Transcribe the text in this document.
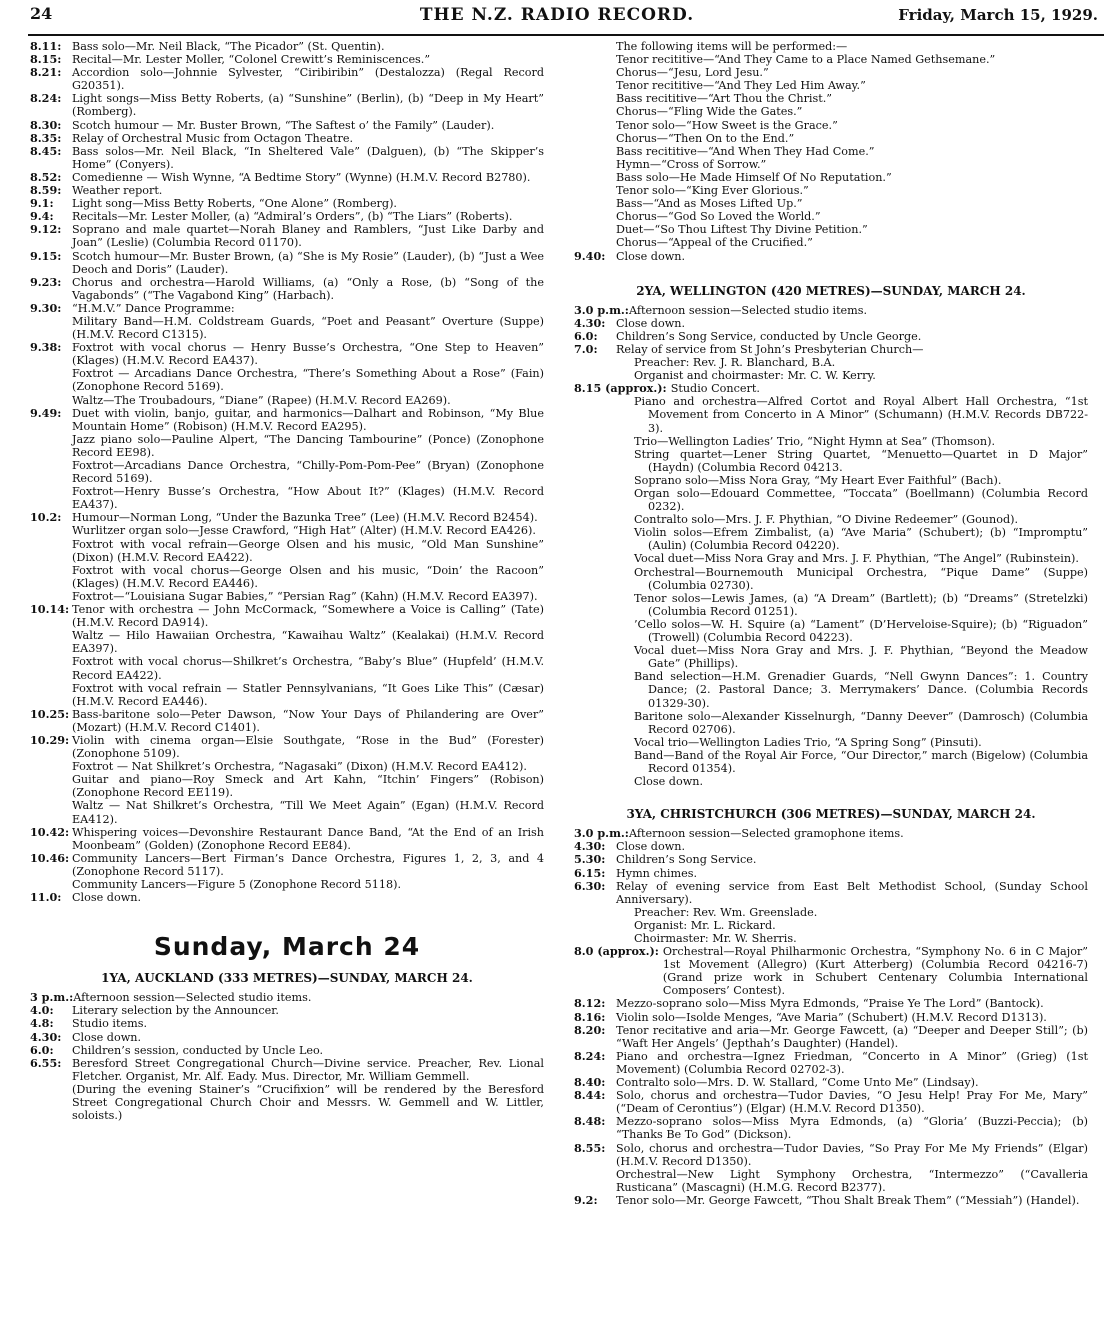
24	THE N.Z. RADIO RECORD.	Friday, March 15, 1929.
8.11: Bass solo—Mr. Neil Black, “The Picador” (St. Quentin).
8.15: Recital—Mr. Lester Moller, “Colonel Crewitt’s Reminiscences.”
8.21: Accordion solo—Johnnie Sylvester, “Ciribiribin” (Destalozza) (Regal Record G20351).
8.24: Light songs—Miss Betty Roberts, (a) “Sunshine” (Berlin), (b) “Deep in My Heart” (Romberg).
8.30: Scotch humour — Mr. Buster Brown, “The Saftest o’ the Family” (Lauder).
8.35: Relay of Orchestral Music from Octagon Theatre.
8.45: Bass solos—Mr. Neil Black, “In Sheltered Vale” (Dalguen), (b) “The Skipper’s Home” (Conyers).
8.52: Comedienne — Wish Wynne, “A Bedtime Story” (Wynne) (H.M.V. Record B2780).
8.59: Weather report.
9.1:	Light song—Miss Betty Roberts, “One Alone” (Romberg).
9.4:	Recitals—Mr. Lester Moller, (a) “Admiral’s Orders”, (b) “The Liars” (Roberts).
9.12: Soprano and male quartet—Norah Blaney and Ramblers, “Just Like Darby and Joan” (Leslie) (Columbia Record 01170).
9.15: Scotch humour—Mr. Buster Brown, (a) “She is My Rosie” (Lauder), (b) “Just a Wee Deoch and Doris” (Lauder).
9.23: Chorus and orchestra—Harold Williams, (a) “Only a Rose, (b) “Song of the Vagabonds” (“The Vagabond King” (Harbach).
9.30: “H.M.V.” Dance Programme:
Military Band—H.M. Coldstream Guards, “Poet and Peasant” Overture (Suppe) (H.M.V. Record C1315).
9.38: Foxtrot with vocal chorus — Henry Busse’s Orchestra, “One Step to Heaven” (Klages) (H.M.V. Record EA437).
Foxtrot — Arcadians Dance Orchestra, “There’s Something About a Rose” (Fain) (Zonophone Record 5169).
Waltz—The Troubadours, “Diane” (Rapee) (H.M.V. Record EA269).
9.49: Duet with violin, banjo, guitar, and harmonics—Dalhart and Robinson, “My Blue Mountain Home” (Robison) (H.M.V. Record EA295).
Jazz piano solo—Pauline Alpert, “The Dancing Tambourine” (Ponce) (Zonophone Record EE98).
Foxtrot—Arcadians Dance Orchestra, “Chilly-Pom-Pom-Pee” (Bryan) (Zonophone Record 5169).
Foxtrot—Henry Busse’s Orchestra, “How About It?” (Klages) (H.M.V. Record EA437).
10.2: Humour—Norman Long, “Under the Bazunka Tree” (Lee) (H.M.V. Record B2454).
Wurlitzer organ solo—Jesse Crawford, “High Hat” (Alter) (H.M.V. Record EA426).
Foxtrot with vocal refrain—George Olsen and his music, “Old Man Sunshine” (Dixon) (H.M.V. Record EA422).
Foxtrot with vocal chorus—George Olsen and his music, “Doin’ the Racoon” (Klages) (H.M.V. Record EA446).
Foxtrot—“Louisiana Sugar Babies,” “Persian Rag” (Kahn) (H.M.V. Record EA397).
10.14: Tenor with orchestra — John McCormack, “Somewhere a Voice is Calling” (Tate) (H.M.V. Record DA914).
Waltz — Hilo Hawaiian Orchestra, “Kawaihau Waltz” (Kealakai) (H.M.V. Record EA397).
Foxtrot with vocal chorus—Shilkret’s Orchestra, “Baby’s Blue” (Hupfeld’ (H.M.V. Record EA422).
Foxtrot with vocal refrain — Statler Pennsylvanians, “It Goes Like This” (Cæsar) (H.M.V. Record EA446).
10.25: Bass-baritone solo—Peter Dawson, “Now Your Days of Philandering are Over” (Mozart) (H.M.V. Record C1401).
10.29: Violin with cinema organ—Elsie Southgate, “Rose in the Bud” (Forester) (Zonophone 5109).
Foxtrot — Nat Shilkret’s Orchestra, “Nagasaki” (Dixon) (H.M.V. Record EA412).
Guitar and piano—Roy Smeck and Art Kahn, “Itchin’ Fingers” (Robison) (Zonophone Record EE119).
Waltz — Nat Shilkret’s Orchestra, “Till We Meet Again” (Egan) (H.M.V. Record EA412).
10.42: Whispering voices—Devonshire Restaurant Dance Band, “At the End of an Irish Moonbeam” (Golden) (Zonophone Record EE84).
10.46: Community Lancers—Bert Firman’s Dance Orchestra, Figures 1, 2, 3, and 4 (Zonophone Record 5117).
Community Lancers—Figure 5 (Zonophone Record 5118).
11.0: Close down.
Sunday, March 24
1YA, AUCKLAND (333 METRES)—SUNDAY, MARCH 24.
3 p.m.: Afternoon session—Selected studio items.
4.0:	Literary selection by the Announcer.
4.8:	Studio items.
4.30: Close down.
6.0:	Children’s session, conducted by Uncle Leo.
6.55: Beresford Street Congregational Church—Divine service. Preacher, Rev. Lional Fletcher. Organist, Mr. Alf. Eady. Mus. Director, Mr. William Gemmell.
(During the evening Stainer’s “Crucifixion” will be rendered by the Beresford Street Congregational Church Choir and Messrs. W. Gemmell and W. Littler, soloists.)
The following items will be performed:—
Tenor recititive—“And They Came to a Place Named Gethsemane.”
Chorus—“Jesu, Lord Jesu.”
Tenor recititive—“And They Led Him Away.”
Bass recititive—“Art Thou the Christ.”
Chorus—“Fling Wide the Gates.”
Tenor solo—“How Sweet is the Grace.”
Chorus—“Then On to the End.”
Bass recititive—“And When They Had Come.”
Hymn—“Cross of Sorrow.”
Bass solo—He Made Himself Of No Reputation.”
Tenor solo—“King Ever Glorious.”
Bass—“And as Moses Lifted Up.”
Chorus—“God So Loved the World.”
Duet—“So Thou Liftest Thy Divine Petition.”
Chorus—“Appeal of the Crucified.”
9.40: Close down.
2YA, WELLINGTON (420 METRES)—SUNDAY, MARCH 24.
3.0 p.m.: Afternoon session—Selected studio items.
4.30: Close down.
6.0:	Children’s Song Service, conducted by Uncle George.
7.0:	Relay of service from St John’s Presbyterian Church—
Preacher: Rev. J. R. Blanchard, B.A.
Organist and choirmaster: Mr. C. W. Kerry.
8.15 (approx.): Studio Concert.
Piano and orchestra—Alfred Cortot and Royal Albert Hall Orchestra, “1st Movement from Concerto in A Minor” (Schumann) (H.M.V. Records DB722-3).
Trio—Wellington Ladies’ Trio, “Night Hymn at Sea” (Thomson).
String quartet—Lener String Quartet, “Menuetto—Quartet in D Major” (Haydn) (Columbia Record 04213.
Soprano solo—Miss Nora Gray, “My Heart Ever Faithful” (Bach).
Organ solo—Edouard Commettee, “Toccata” (Boellmann) (Columbia Record 0232).
Contralto solo—Mrs. J. F. Phythian, “O Divine Redeemer” (Gounod).
Violin solos—Efrem Zimbalist, (a) “Ave Maria” (Schubert); (b) “Impromptu” (Aulin) (Columbia Record 04220).
Vocal duet—Miss Nora Gray and Mrs. J. F. Phythian, “The Angel” (Rubinstein).
Orchestral—Bournemouth Municipal Orchestra, “Pique Dame” (Suppe) (Columbia 02730).
Tenor solos—Lewis James, (a) “A Dream” (Bartlett); (b) “Dreams” (Stretelzki) (Columbia Record 01251).
’Cello solos—W. H. Squire (a) “Lament” (D’Herveloise-Squire); (b) “Riguadon” (Trowell) (Columbia Record 04223).
Vocal duet—Miss Nora Gray and Mrs. J. F. Phythian, “Beyond the Meadow Gate” (Phillips).
Band selection—H.M. Grenadier Guards, “Nell Gwynn Dances”: 1. Country Dance; (2. Pastoral Dance; 3. Merrymakers’ Dance. (Columbia Records 01329-30).
Baritone solo—Alexander Kisselnurgh, “Danny Deever” (Damrosch) (Columbia Record 02706).
Vocal trio—Wellington Ladies Trio, “A Spring Song” (Pinsuti).
Band—Band of the Royal Air Force, “Our Director,” march (Bigelow) (Columbia Record 01354).
Close down.
3YA, CHRISTCHURCH (306 METRES)—SUNDAY, MARCH 24.
3.0 p.m.: Afternoon session—Selected gramophone items.
4.30: Close down.
5.30: Children’s Song Service.
6.15: Hymn chimes.
6.30: Relay of evening service from East Belt Methodist School, (Sunday School Anniversary).
Preacher: Rev. Wm. Greenslade.
Organist: Mr. L. Rickard.
Choirmaster: Mr. W. Sherris.
8.0 (approx.): Orchestral—Royal Philharmonic Orchestra, “Symphony No. 6 in C Major” 1st Movement (Allegro) (Kurt Atterberg) (Columbia Record 04216-7) (Grand prize work in Schubert Centenary Columbia International Composers’ Contest).
8.12: Mezzo-soprano solo—Miss Myra Edmonds, “Praise Ye The Lord” (Bantock).
8.16: Violin solo—Isolde Menges, “Ave Maria” (Schubert) (H.M.V. Record D1313).
8.20: Tenor recitative and aria—Mr. George Fawcett, (a) “Deeper and Deeper Still”; (b) “Waft Her Angels’ (Jepthah’s Daughter) (Handel).
8.24: Piano and orchestra—Ignez Friedman, “Concerto in A Minor” (Grieg) (1st Movement) (Columbia Record 02702-3).
8.40: Contralto solo—Mrs. D. W. Stallard, “Come Unto Me” (Lindsay).
8.44: Solo, chorus and orchestra—Tudor Davies, “O Jesu Help! Pray For Me, Mary” (“Deam of Cerontius”) (Elgar) (H.M.V. Record D1350).
8.48: Mezzo-soprano solos—Miss Myra Edmonds, (a) “Gloria’ (Buzzi-Peccia); (b) “Thanks Be To God” (Dickson).
8.55: Solo, chorus and orchestra—Tudor Davies, “So Pray For Me My Friends” (Elgar) (H.M.V. Record D1350).
Orchestral—New Light Symphony Orchestra, “Intermezzo” (“Cavalleria Rusticana” (Mascagni) (H.M.G. Record B2377).
9.2:	Tenor solo—Mr. George Fawcett, “Thou Shalt Break Them” (“Messiah”) (Handel).
